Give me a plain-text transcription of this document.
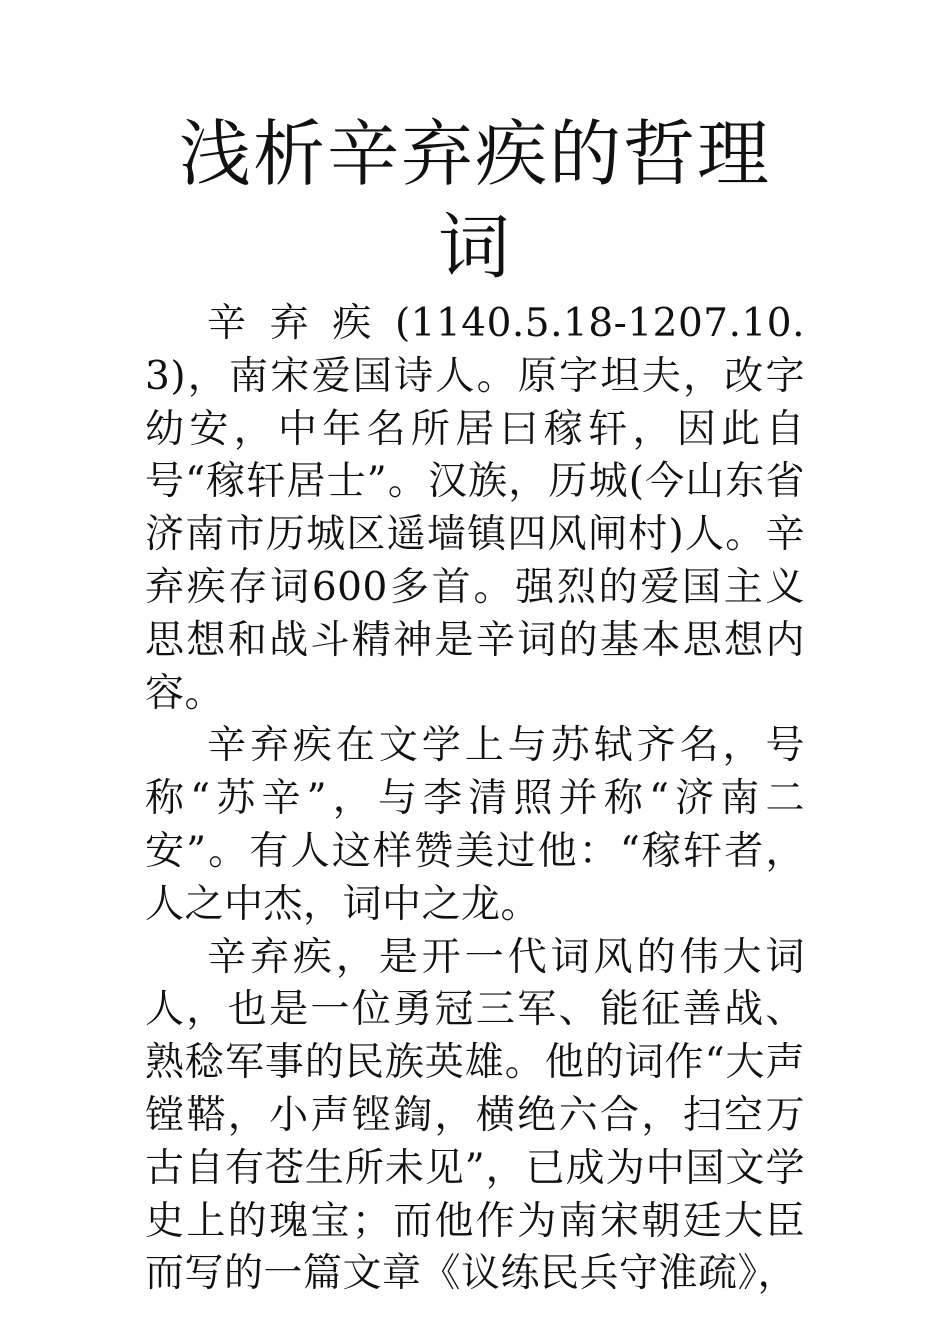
浅析辛弃疾的哲理词

辛弃疾(1140.5.18-1207.10.3)，南宋爱国诗人。原字坦夫，改字幼安，中年名所居曰稼轩，因此自号“稼轩居士”。汉族，历城(今山东省济南市历城区遥墙镇四风闸村)人。辛弃疾存词600多首。强烈的爱国主义思想和战斗精神是辛词的基本思想内容。

辛弃疾在文学上与苏轼齐名，号称“苏辛”，与李清照并称“济南二安”。有人这样赞美过他：“稼轩者，人之中杰，词中之龙。

辛弃疾，是开一代词风的伟大词人，也是一位勇冠三军、能征善战、熟稔军事的民族英雄。他的词作“大声镗鞳，小声铿鍧，横绝六合，扫空万古自有苍生所未见”，已成为中国文学史上的瑰宝；而他作为南宋朝廷大臣而写的一篇文章《议练民兵守淮疏》，
